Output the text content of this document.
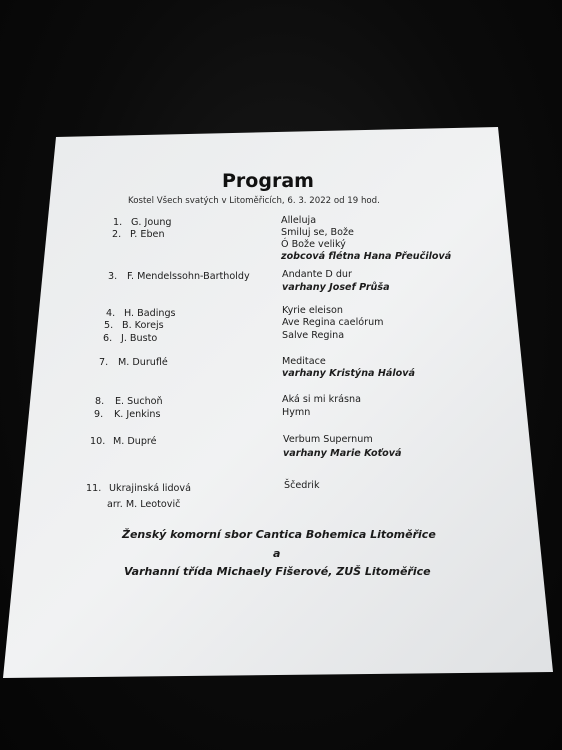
Program
Kostel Všech svatých v Litoměřicích, 6. 3. 2022 od 19 hod.
1. G. Joung
2. P. Eben
3. F. Mendelssohn-Bartholdy
4. H. Badings
5. B. Korejs
6. J. Busto
7. M. Duruflé
8. E. Suchoň
9. K. Jenkins
10. M. Dupré
11. Ukrajinská lidová
arr. M. Leotovič
Alleluja
Smiluj se, Bože
Ó Bože veliký
zobcová flétna Hana Přeučilová
Andante D dur
varhany Josef Průša
Kyrie eleison
Ave Regina caelórum
Salve Regina
Meditace
varhany Kristýna Hálová
Aká si mi krásna
Hymn
Verbum Supernum
varhany Marie Koťová
Ščedrik
Ženský komorní sbor Cantica Bohemica Litoměřice
a
Varhanní třída Michaely Fišerové, ZUŠ Litoměřice
